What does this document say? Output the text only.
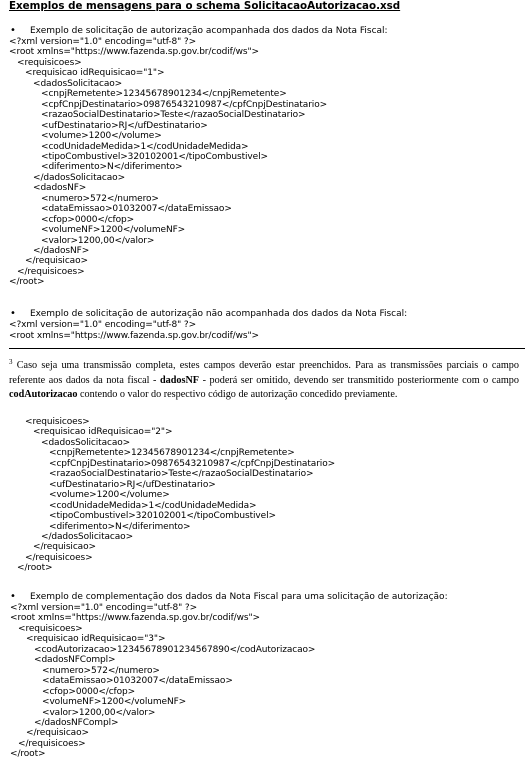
Exemplos de mensagens para o schema SolicitacaoAutorizacao.xsd
• Exemplo de solicitação de autorização acompanhada dos dados da Nota Fiscal:
<?xml version="1.0" encoding="utf-8" ?>
<root xmlns="https://www.fazenda.sp.gov.br/codif/ws">
<requisicoes>
<requisicao idRequisicao="1">
<dadosSolicitacao>
<cnpjRemetente>12345678901234</cnpjRemetente>
<cpfCnpjDestinatario>09876543210987</cpfCnpjDestinatario>
<razaoSocialDestinatario>Teste</razaoSocialDestinatario>
<ufDestinatario>RJ</ufDestinatario>
<volume>1200</volume>
<codUnidadeMedida>1</codUnidadeMedida>
<tipoCombustivel>320102001</tipoCombustivel>
<diferimento>N</diferimento>
</dadosSolicitacao>
<dadosNF>
<numero>572</numero>
<dataEmissao>01032007</dataEmissao>
<cfop>0000</cfop>
<volumeNF>1200</volumeNF>
<valor>1200,00</valor>
</dadosNF>
</requisicao>
</requisicoes>
</root>
• Exemplo de solicitação de autorização não acompanhada dos dados da Nota Fiscal:
<?xml version="1.0" encoding="utf-8" ?>
<root xmlns="https://www.fazenda.sp.gov.br/codif/ws">
$^3$ Caso seja uma transmissão completa, estes campos deverão estar preenchidos. Para as transmissões parciais o campo referente aos dados da nota fiscal - dadosNF - poderá ser omitido, devendo ser transmitido posteriormente com o campo codAutorizacao contendo o valor do respectivo código de autorização concedido previamente.
<requisicoes>
<requisicao idRequisicao="2">
<dadosSolicitacao>
<cnpjRemetente>12345678901234</cnpjRemetente>
<cpfCnpjDestinatario>09876543210987</cpfCnpjDestinatario>
<razaoSocialDestinatario>Teste</razaoSocialDestinatario>
<ufDestinatario>RJ</ufDestinatario>
<volume>1200</volume>
<codUnidadeMedida>1</codUnidadeMedida>
<tipoCombustivel>320102001</tipoCombustivel>
<diferimento>N</diferimento>
</dadosSolicitacao>
</requisicao>
</requisicoes>
</root>
• Exemplo de complementação dos dados da Nota Fiscal para uma solicitação de autorização:
<?xml version="1.0" encoding="utf-8" ?>
<root xmlns="https://www.fazenda.sp.gov.br/codif/ws">
<requisicoes>
<requisicao idRequisicao="3">
<codAutorizacao>12345678901234567890</codAutorizacao>
<dadosNFCompl>
<numero>572</numero>
<dataEmissao>01032007</dataEmissao>
<cfop>0000</cfop>
<volumeNF>1200</volumeNF>
<valor>1200,00</valor>
</dadosNFCompl>
</requisicao>
</requisicoes>
</root>
